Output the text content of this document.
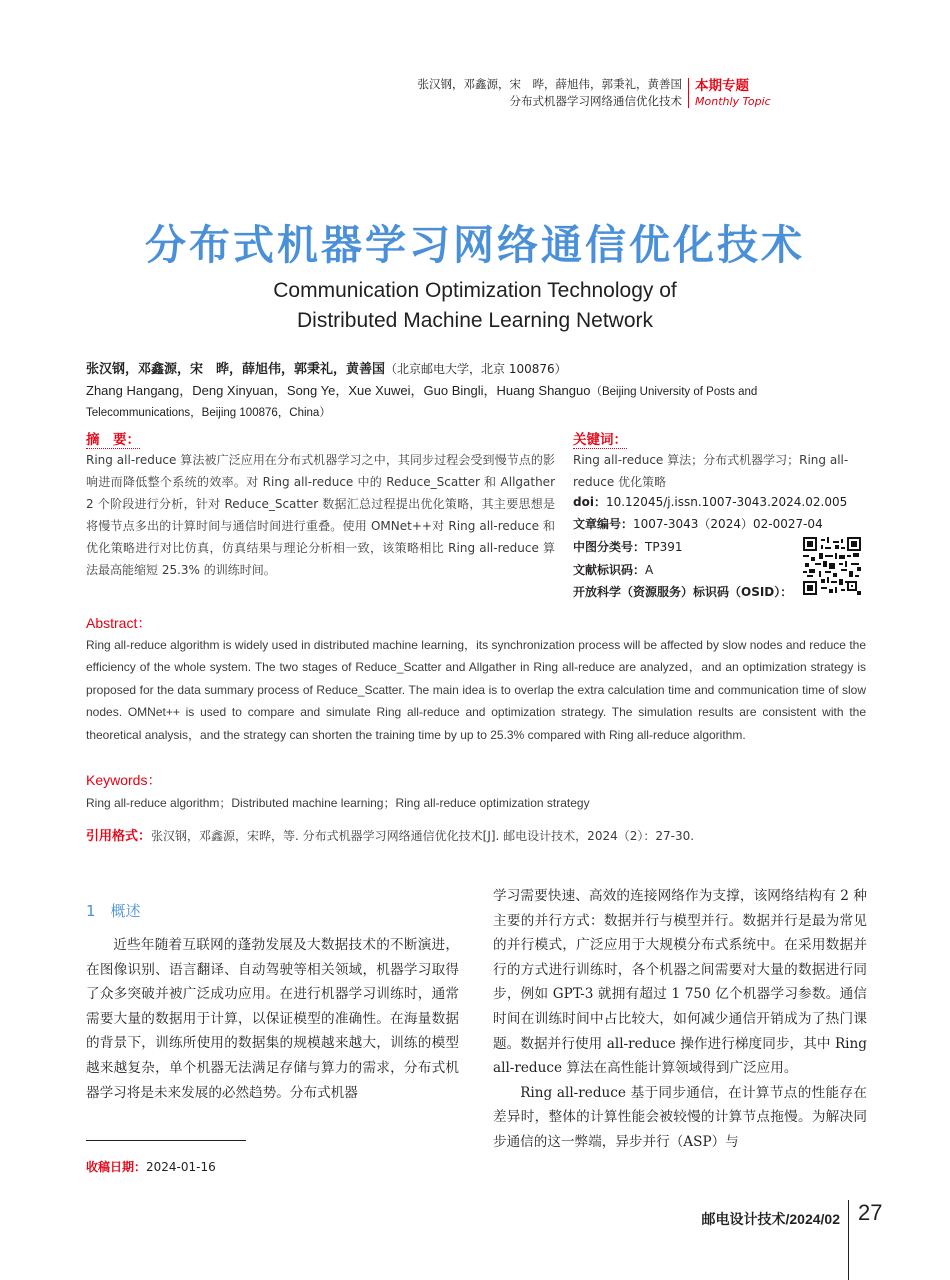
张汉钢，邓鑫源，宋　晔，薛旭伟，郭秉礼，黄善国
分布式机器学习网络通信优化技术
本期专题
Monthly Topic
分布式机器学习网络通信优化技术
Communication Optimization Technology of
Distributed Machine Learning Network
张汉钢，邓鑫源，宋　晔，薛旭伟，郭秉礼，黄善国（北京邮电大学，北京 100876）
Zhang Hangang，Deng Xinyuan，Song Ye，Xue Xuwei，Guo Bingli，Huang Shanguo（Beijing University of Posts and Telecommunications，Beijing 100876，China）
摘　要：
Ring all-reduce 算法被广泛应用在分布式机器学习之中，其同步过程会受到慢节点的影响进而降低整个系统的效率。对 Ring all-reduce 中的 Reduce_Scatter 和 Allgather 2 个阶段进行分析，针对 Reduce_Scatter 数据汇总过程提出优化策略，其主要思想是将慢节点多出的计算时间与通信时间进行重叠。使用 OMNet++对 Ring all-reduce 和优化策略进行对比仿真，仿真结果与理论分析相一致，该策略相比 Ring all-reduce 算法最高能缩短 25.3% 的训练时间。
关键词：
Ring all-reduce 算法；分布式机器学习；Ring all-reduce 优化策略
doi：10.12045/j.issn.1007-3043.2024.02.005
文章编号：1007-3043（2024）02-0027-04
中图分类号：TP391
文献标识码：A
开放科学（资源服务）标识码（OSID）：
Abstract：
Ring all-reduce algorithm is widely used in distributed machine learning，its synchronization process will be affected by slow nodes and reduce the efficiency of the whole system. The two stages of Reduce_Scatter and Allgather in Ring all-reduce are analyzed，and an optimization strategy is proposed for the data summary process of Reduce_Scatter. The main idea is to overlap the extra calculation time and communication time of slow nodes. OMNet++ is used to compare and simulate Ring all-reduce and optimization strategy. The simulation results are consistent with the theoretical analysis，and the strategy can shorten the training time by up to 25.3% compared with Ring all-reduce algorithm.
Keywords：
Ring all-reduce algorithm；Distributed machine learning；Ring all-reduce optimization strategy
引用格式：张汉钢，邓鑫源，宋晔，等. 分布式机器学习网络通信优化技术[J]. 邮电设计技术，2024（2）：27-30.
1　概述

近些年随着互联网的蓬勃发展及大数据技术的不断演进，在图像识别、语言翻译、自动驾驶等相关领域，机器学习取得了众多突破并被广泛成功应用。在进行机器学习训练时，通常需要大量的数据用于计算，以保证模型的准确性。在海量数据的背景下，训练所使用的数据集的规模越来越大，训练的模型越来越复杂，单个机器无法满足存储与算力的需求，分布式机器学习将是未来发展的必然趋势。分布式机器

学习需要快速、高效的连接网络作为支撑，该网络结构有 2 种主要的并行方式：数据并行与模型并行。数据并行是最为常见的并行模式，广泛应用于大规模分布式系统中。在采用数据并行的方式进行训练时，各个机器之间需要对大量的数据进行同步，例如 GPT-3 就拥有超过 1 750 亿个机器学习参数。通信时间在训练时间中占比较大，如何减少通信开销成为了热门课题。数据并行使用 all-reduce 操作进行梯度同步，其中 Ring all-reduce 算法在高性能计算领域得到广泛应用。

Ring all-reduce 基于同步通信，在计算节点的性能存在差异时，整体的计算性能会被较慢的计算节点拖慢。为解决同步通信的这一弊端，异步并行（ASP）与

收稿日期：2024-01-16
邮电设计技术/2024/02 27
